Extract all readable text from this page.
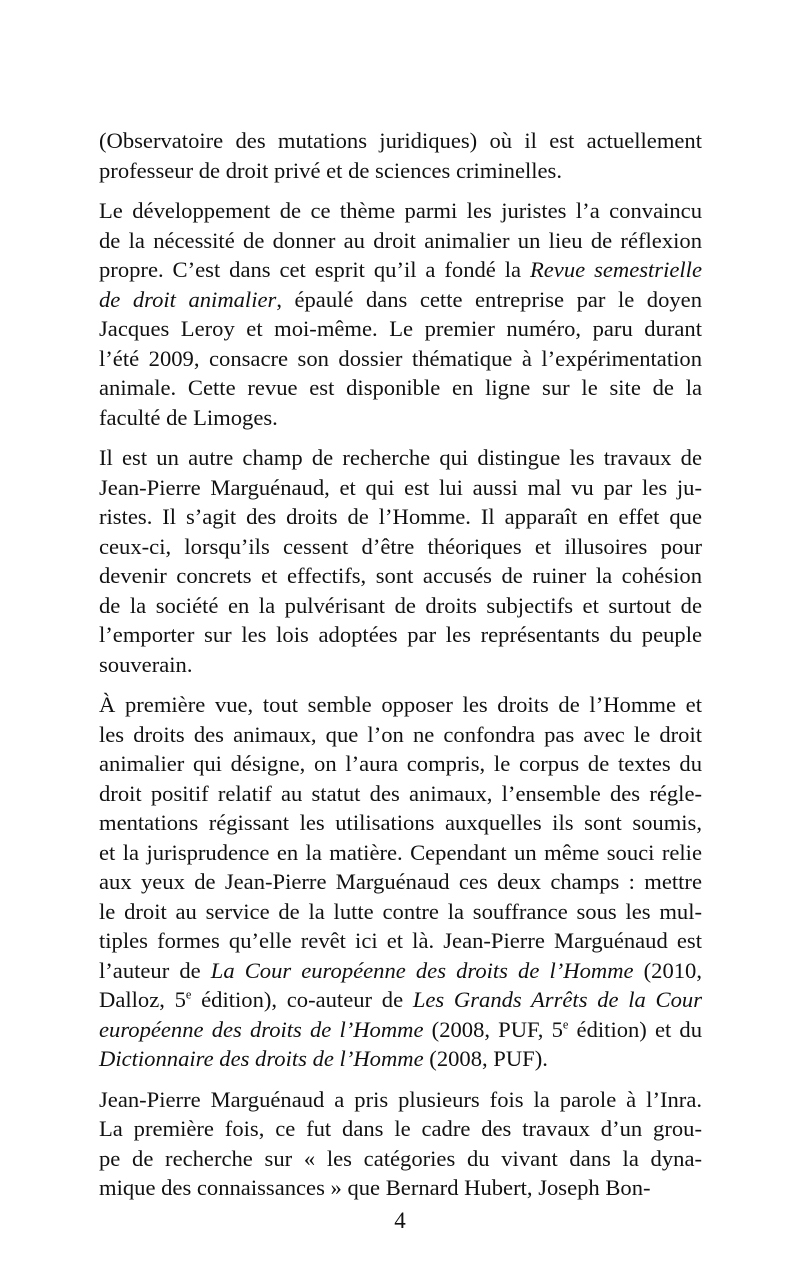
(Observatoire des mutations juridiques) où il est actuellement
professeur de droit privé et de sciences criminelles.
Le développement de ce thème parmi les juristes l’a convaincu
de la nécessité de donner au droit animalier un lieu de réflexion
propre. C’est dans cet esprit qu’il a fondé la Revue semestrielle
de droit animalier, épaulé dans cette entreprise par le doyen
Jacques Leroy et moi-même. Le premier numéro, paru durant
l’été 2009, consacre son dossier thématique à l’expérimentation
animale. Cette revue est disponible en ligne sur le site de la
faculté de Limoges.
Il est un autre champ de recherche qui distingue les travaux de
Jean-Pierre Marguénaud, et qui est lui aussi mal vu par les ju-
ristes. Il s’agit des droits de l’Homme. Il apparaît en effet que
ceux-ci, lorsqu’ils cessent d’être théoriques et illusoires pour
devenir concrets et effectifs, sont accusés de ruiner la cohésion
de la société en la pulvérisant de droits subjectifs et surtout de
l’emporter sur les lois adoptées par les représentants du peuple
souverain.
À première vue, tout semble opposer les droits de l’Homme et
les droits des animaux, que l’on ne confondra pas avec le droit
animalier qui désigne, on l’aura compris, le corpus de textes du
droit positif relatif au statut des animaux, l’ensemble des régle-
mentations régissant les utilisations auxquelles ils sont soumis,
et la jurisprudence en la matière. Cependant un même souci relie
aux yeux de Jean-Pierre Marguénaud ces deux champs : mettre
le droit au service de la lutte contre la souffrance sous les mul-
tiples formes qu’elle revêt ici et là. Jean-Pierre Marguénaud est
l’auteur de La Cour européenne des droits de l’Homme (2010,
Dalloz, 5e édition), co-auteur de Les Grands Arrêts de la Cour
européenne des droits de l’Homme (2008, PUF, 5e édition) et du
Dictionnaire des droits de l’Homme (2008, PUF).
Jean-Pierre Marguénaud a pris plusieurs fois la parole à l’Inra.
La première fois, ce fut dans le cadre des travaux d’un grou-
pe de recherche sur « les catégories du vivant dans la dyna-
mique des connaissances » que Bernard Hubert, Joseph Bon-
4
